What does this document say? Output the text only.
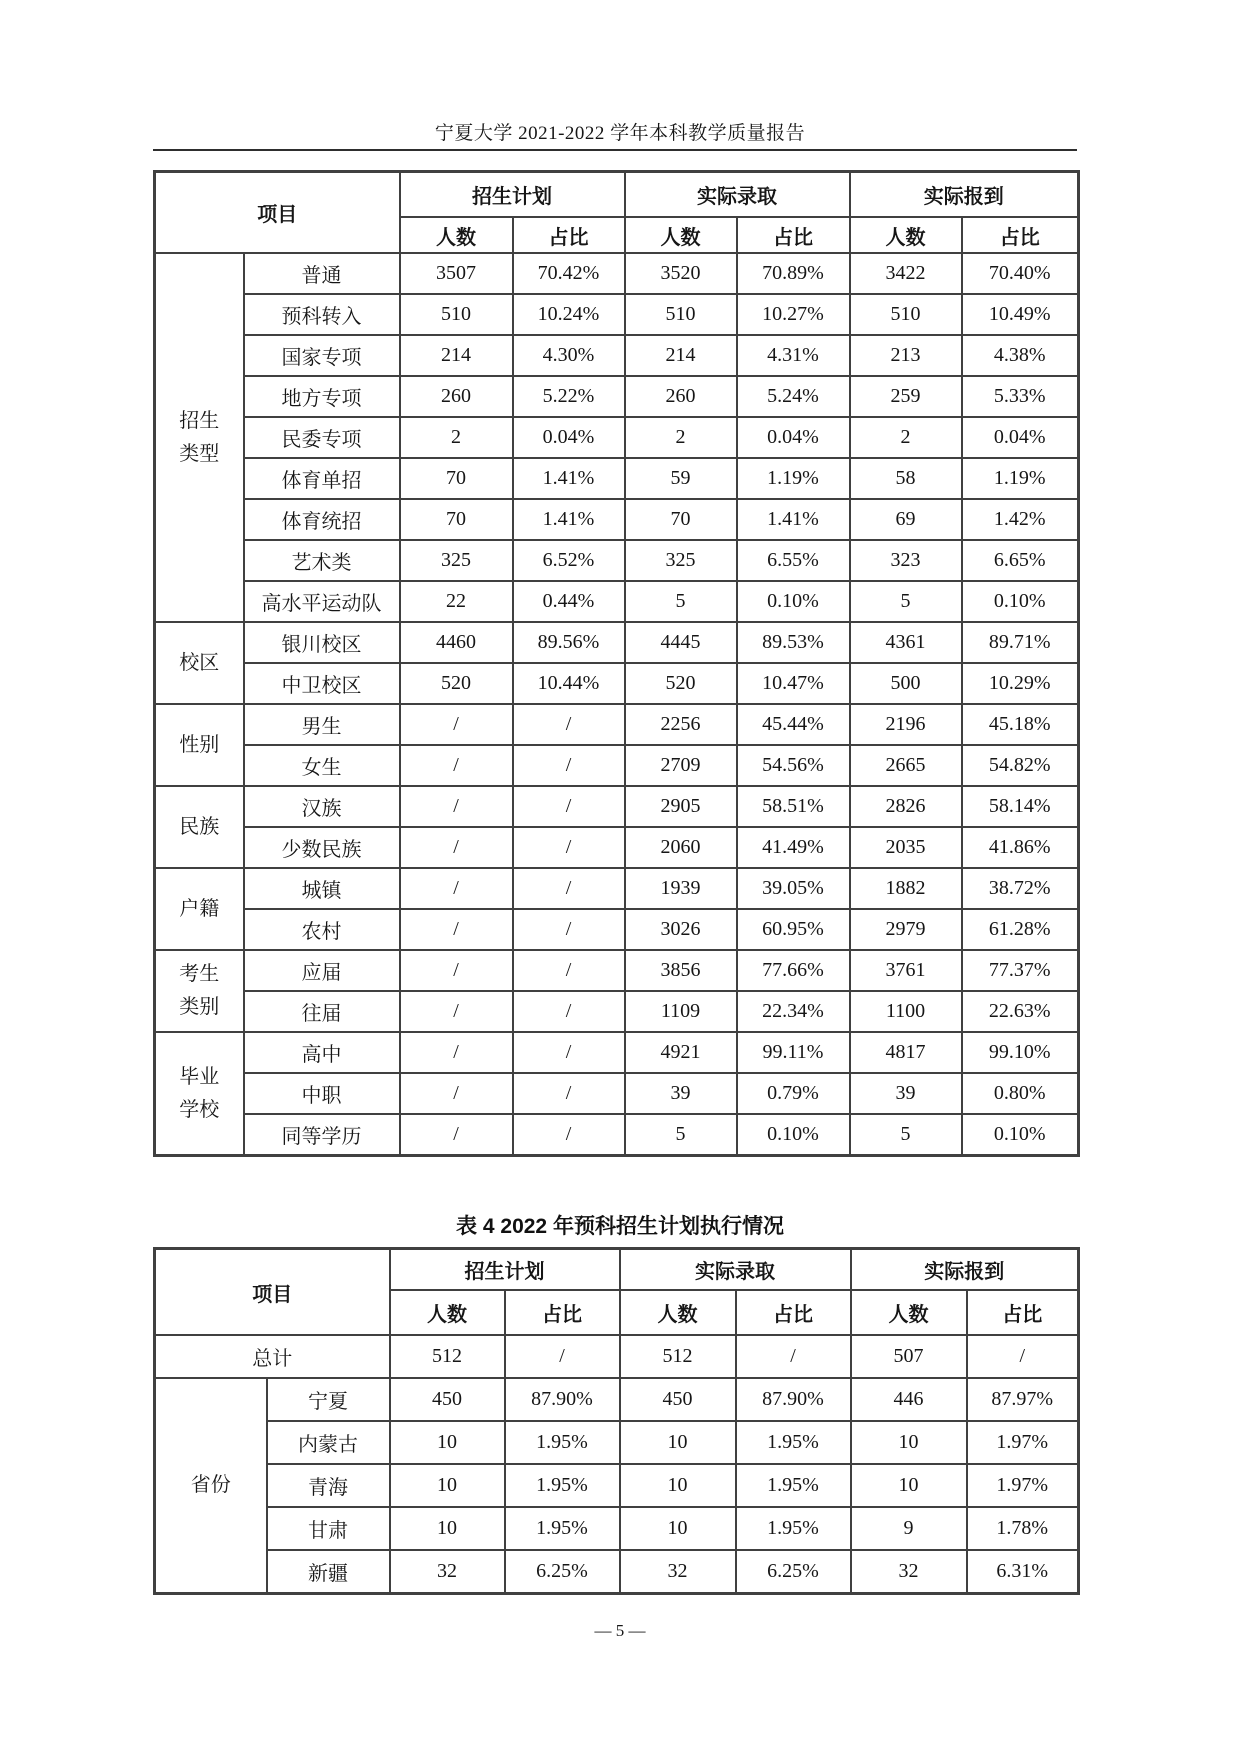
宁夏大学 2021-2022 学年本科教学质量报告
项目		招生计划		实际录取		实际报到	
		人数	占比	人数	占比	人数	占比
招生类型	普通	3507	70.42%	3520	70.89%	3422	70.40%
	预科转入	510	10.24%	510	10.27%	510	10.49%
	国家专项	214	4.30%	214	4.31%	213	4.38%
	地方专项	260	5.22%	260	5.24%	259	5.33%
	民委专项	2	0.04%	2	0.04%	2	0.04%
	体育单招	70	1.41%	59	1.19%	58	1.19%
	体育统招	70	1.41%	70	1.41%	69	1.42%
	艺术类	325	6.52%	325	6.55%	323	6.65%
	高水平运动队	22	0.44%	5	0.10%	5	0.10%
校区	银川校区	4460	89.56%	4445	89.53%	4361	89.71%
	中卫校区	520	10.44%	520	10.47%	500	10.29%
性别	男生	/	/	2256	45.44%	2196	45.18%
	女生	/	/	2709	54.56%	2665	54.82%
民族	汉族	/	/	2905	58.51%	2826	58.14%
	少数民族	/	/	2060	41.49%	2035	41.86%
户籍	城镇	/	/	1939	39.05%	1882	38.72%
	农村	/	/	3026	60.95%	2979	61.28%
考生类别	应届	/	/	3856	77.66%	3761	77.37%
	往届	/	/	1109	22.34%	1100	22.63%
毕业学校	高中	/	/	4921	99.11%	4817	99.10%
	中职	/	/	39	0.79%	39	0.80%
	同等学历	/	/	5	0.10%	5	0.10%
表 4 2022 年预科招生计划执行情况
项目		招生计划		实际录取		实际报到	
		人数	占比	人数	占比	人数	占比
总计		512	/	512	/	507	/
省份	宁夏	450	87.90%	450	87.90%	446	87.97%
	内蒙古	10	1.95%	10	1.95%	10	1.97%
	青海	10	1.95%	10	1.95%	10	1.97%
	甘肃	10	1.95%	10	1.95%	9	1.78%
	新疆	32	6.25%	32	6.25%	32	6.31%
— 5 —
